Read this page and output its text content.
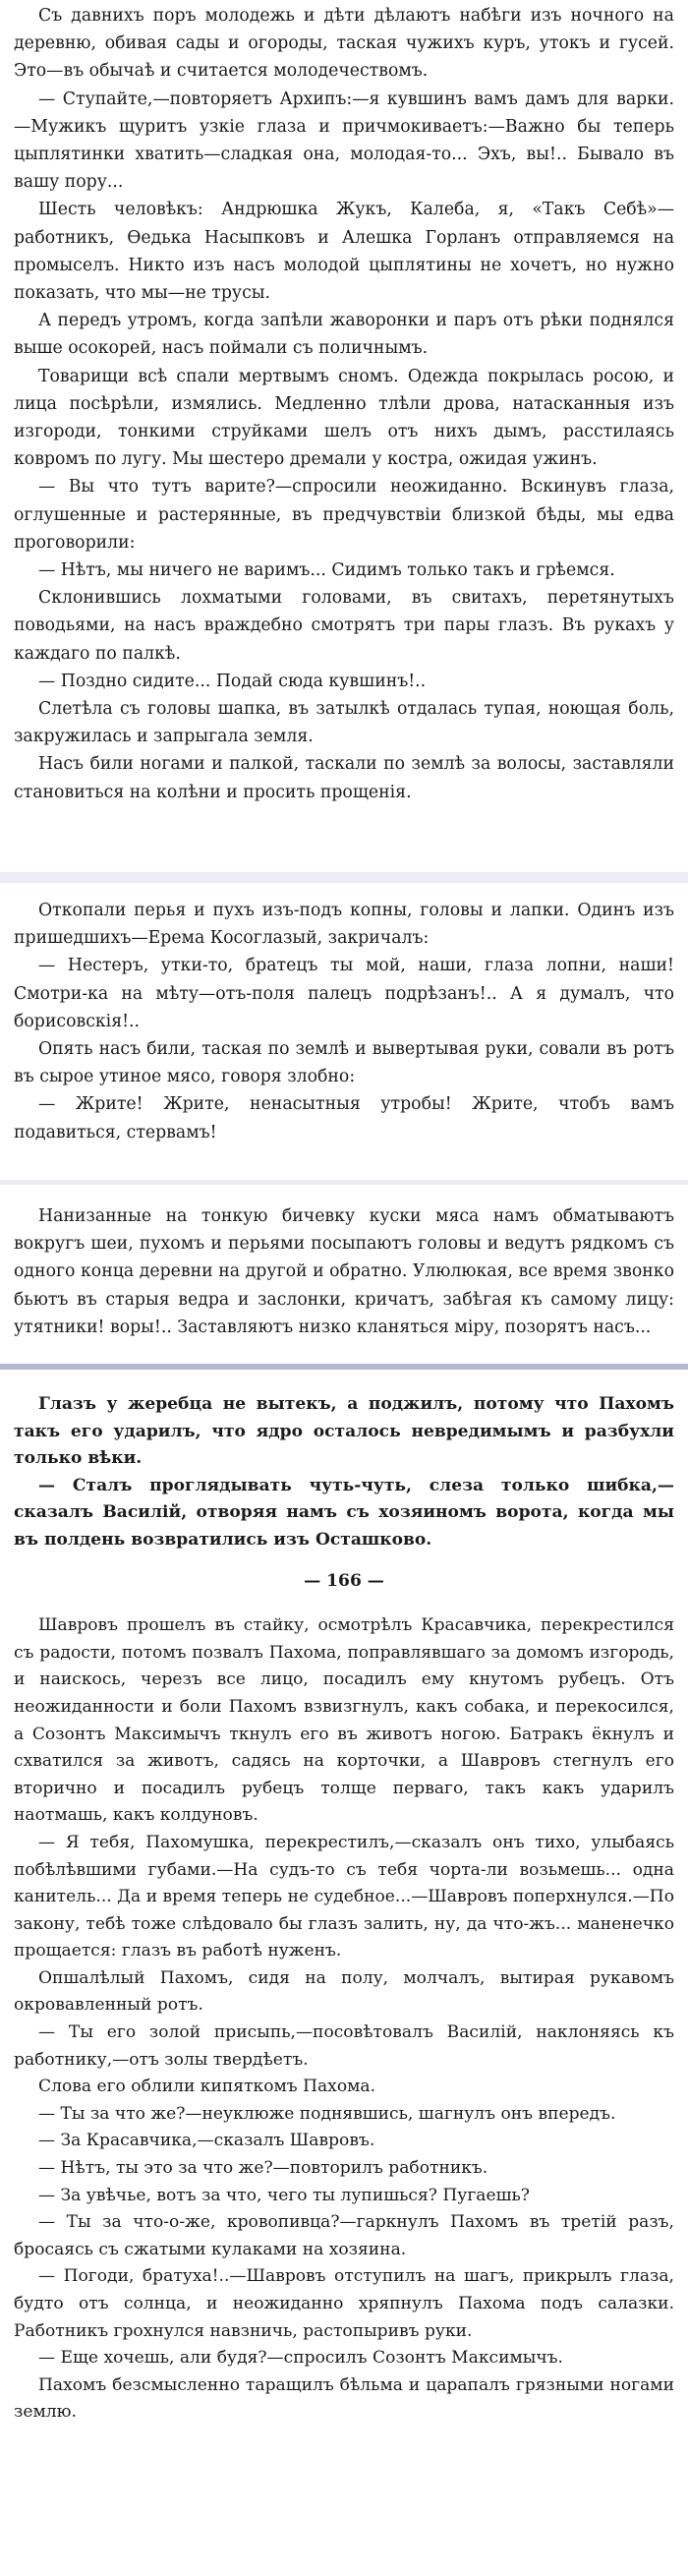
Съ давнихъ поръ молодежь и дѣти дѣлаютъ набѣги изъ ночного на деревню, обивая сады и огороды, таская чужихъ куръ, утокъ и гусей. Это—въ обычаѣ и считается молодечествомъ.

— Ступайте,—повторяетъ Архипъ:—я кувшинъ вамъ дамъ для варки.—Мужикъ щуритъ узкіе глаза и причмокиваетъ:—Важно бы теперь цыплятинки хватить—сладкая она, молодая-то... Эхъ, вы!.. Бывало въ вашу пору...

Шесть человѣкъ: Андрюшка Жукъ, Калеба, я, «Такъ Себѣ»—работникъ, Ѳедька Насыпковъ и Алешка Горланъ отправляемся на промыселъ. Никто изъ насъ молодой цыплятины не хочетъ, но нужно показать, что мы—не трусы.

А передъ утромъ, когда запѣли жаворонки и паръ отъ рѣки поднялся выше осокорей, насъ поймали съ поличнымъ.

Товарищи всѣ спали мертвымъ сномъ. Одежда покрылась росою, и лица посѣрѣли, измялись. Медленно тлѣли дрова, натасканныя изъ изгороди, тонкими струйками шелъ отъ нихъ дымъ, расстилаясь ковромъ по лугу. Мы шестеро дремали у костра, ожидая ужинъ.

— Вы что тутъ варите?—спросили неожиданно. Вскинувъ глаза, оглушенные и растерянные, въ предчувствіи близкой бѣды, мы едва проговорили:

— Нѣтъ, мы ничего не варимъ... Сидимъ только такъ и грѣемся.

Склонившись лохматыми головами, въ свитахъ, перетянутыхъ поводьями, на насъ враждебно смотрятъ три пары глазъ. Въ рукахъ у каждаго по палкѣ.

— Поздно сидите... Подай сюда кувшинъ!..

Слетѣла съ головы шапка, въ затылкѣ отдалась тупая, ноющая боль, закружилась и запрыгала земля.

Насъ били ногами и палкой, таскали по землѣ за волосы, заставляли становиться на колѣни и просить прощенія.

Откопали перья и пухъ изъ-подъ копны, головы и лапки. Одинъ изъ пришедшихъ—Ерема Косоглазый, закричалъ:

— Нестеръ, утки-то, братецъ ты мой, наши, глаза лопни, наши! Смотри-ка на мѣту—отъ-поля палецъ подрѣзанъ!.. А я думалъ, что борисовскія!..

Опять насъ били, таская по землѣ и вывертывая руки, совали въ ротъ въ сырое утиное мясо, говоря злобно:

— Жрите! Жрите, ненасытныя утробы! Жрите, чтобъ вамъ подавиться, стервамъ!

Нанизанные на тонкую бичевку куски мяса намъ обматываютъ вокругъ шеи, пухомъ и перьями посыпаютъ головы и ведутъ рядкомъ съ одного конца деревни на другой и обратно. Улюлюкая, все время звонко бьютъ въ старыя ведра и заслонки, кричатъ, забѣгая къ самому лицу: утятники! воры!.. Заставляютъ низко кланяться міру, позорятъ насъ...

Глазъ у жеребца не вытекъ, а поджилъ, потому что Пахомъ такъ его ударилъ, что ядро осталось невредимымъ и разбухли только вѣки.

— Сталъ проглядывать чуть-чуть, слеза только шибка,—сказалъ Василій, отворяя намъ съ хозяиномъ ворота, когда мы въ полдень возвратились изъ Осташково.

— 166 —

Шавровъ прошелъ въ стайку, осмотрѣлъ Красавчика, перекрестился съ радости, потомъ позвалъ Пахома, поправлявшаго за домомъ изгородь, и наискось, черезъ все лицо, посадилъ ему кнутомъ рубецъ. Отъ неожиданности и боли Пахомъ взвизгнулъ, какъ собака, и перекосился, а Созонтъ Максимычъ ткнулъ его въ животъ ногою. Батракъ ёкнулъ и схватился за животъ, садясь на корточки, а Шавровъ стегнулъ его вторично и посадилъ рубецъ толще перваго, такъ какъ ударилъ наотмашь, какъ колдуновъ.

— Я тебя, Пахомушка, перекрестилъ,—сказалъ онъ тихо, улыбаясь побѣлѣвшими губами.—На судъ-то съ тебя чорта-ли возьмешь... одна канитель... Да и время теперь не судебное...—Шавровъ поперхнулся.—По закону, тебѣ тоже слѣдовало бы глазъ залить, ну, да что-жъ... маненечко прощается: глазъ въ работѣ нуженъ.

Опшалѣлый Пахомъ, сидя на полу, молчалъ, вытирая рукавомъ окровавленный ротъ.

— Ты его золой присыпь,—посовѣтовалъ Василій, наклоняясь къ работнику,—отъ золы твердѣетъ.

Слова его облили кипяткомъ Пахома.

— Ты за что же?—неуклюже поднявшись, шагнулъ онъ впередъ.

— За Красавчика,—сказалъ Шавровъ.

— Нѣтъ, ты это за что же?—повторилъ работникъ.

— За увѣчье, вотъ за что, чего ты лупишься? Пугаешь?

— Ты за что-о-же, кровопивца?—гаркнулъ Пахомъ въ третій разъ, бросаясь съ сжатыми кулаками на хозяина.

— Погоди, братуха!..—Шавровъ отступилъ на шагъ, прикрылъ глаза, будто отъ солнца, и неожиданно хряпнулъ Пахома подъ салазки. Работникъ грохнулся навзничь, растопыривъ руки.

— Еще хочешь, али будя?—спросилъ Созонтъ Максимычъ.

Пахомъ безсмысленно таращилъ бѣльма и царапалъ грязными ногами землю.
